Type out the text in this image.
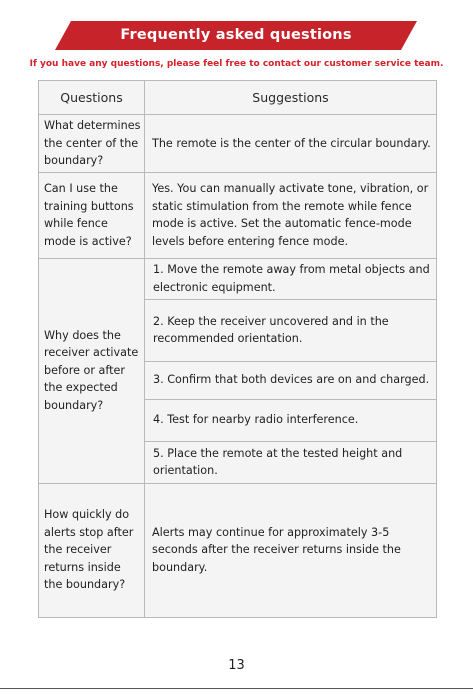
Frequently asked questions
If you have any questions, please feel free to contact our customer service team.
Questions	Suggestions
What determines the center of the boundary?	The remote is the center of the circular boundary.
Can I use the training buttons while fence mode is active?	Yes. You can manually activate tone, vibration, or static stimulation from the remote while fence mode is active. Set the automatic fence-mode levels before entering fence mode.
Why does the receiver activate before or after the expected boundary?	1. Move the remote away from metal objects and electronic equipment.
	2. Keep the receiver uncovered and in the recommended orientation.
	3. Confirm that both devices are on and charged.
	4. Test for nearby radio interference.
	5. Place the remote at the tested height and orientation.
How quickly do alerts stop after the receiver returns inside the boundary?	Alerts may continue for approximately 3-5 seconds after the receiver returns inside the boundary.
13
